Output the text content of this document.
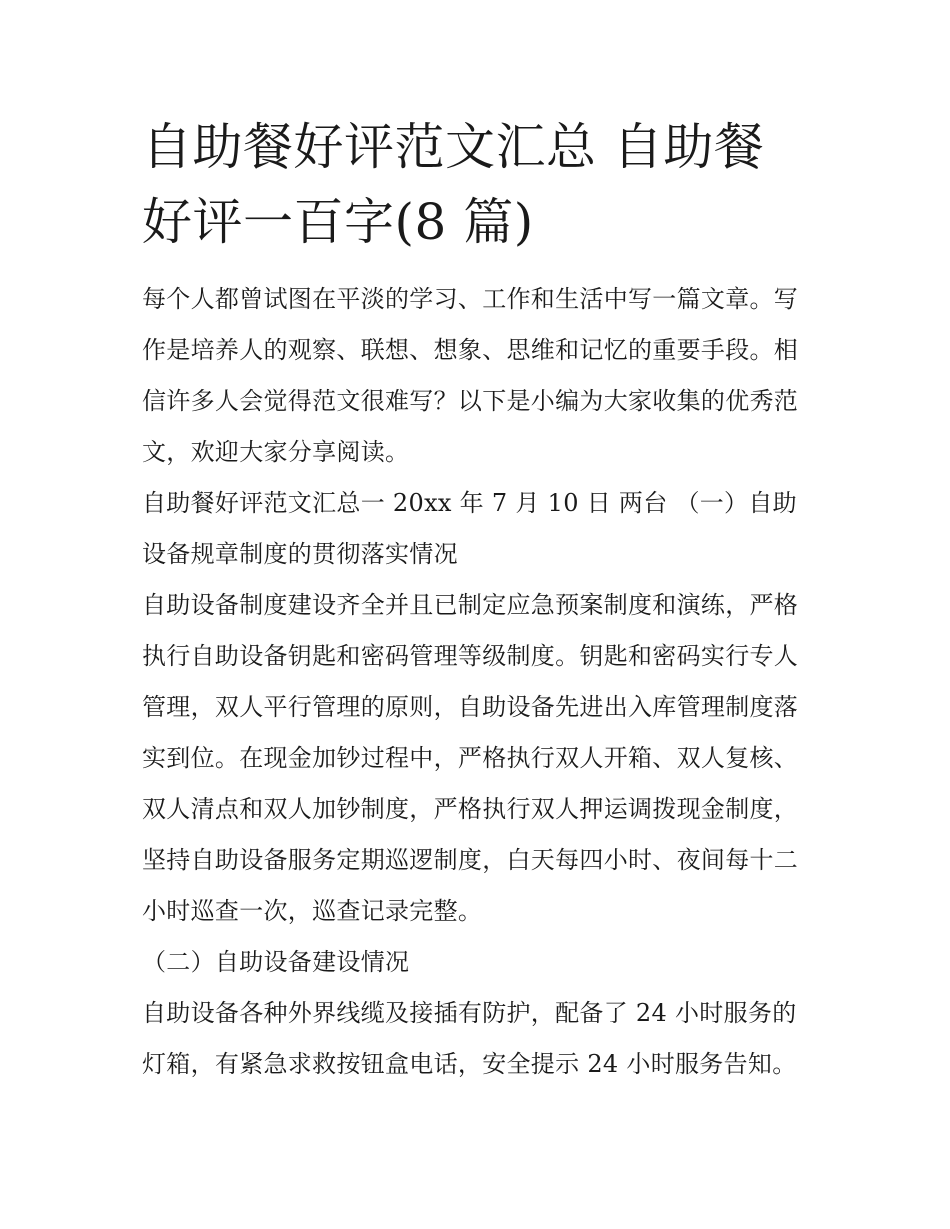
自助餐好评范文汇总 自助餐好评一百字(8 篇)

每个人都曾试图在平淡的学习、工作和生活中写一篇文章。写作是培养人的观察、联想、想象、思维和记忆的重要手段。相信许多人会觉得范文很难写？以下是小编为大家收集的优秀范文，欢迎大家分享阅读。

自助餐好评范文汇总一 20xx 年 7 月 10 日 两台 （一）自助设备规章制度的贯彻落实情况

自助设备制度建设齐全并且已制定应急预案制度和演练，严格执行自助设备钥匙和密码管理等级制度。钥匙和密码实行专人管理，双人平行管理的原则，自助设备先进出入库管理制度落实到位。在现金加钞过程中，严格执行双人开箱、双人复核、双人清点和双人加钞制度，严格执行双人押运调拨现金制度，坚持自助设备服务定期巡逻制度，白天每四小时、夜间每十二小时巡查一次，巡查记录完整。

（二）自助设备建设情况

自助设备各种外界线缆及接插有防护，配备了 24 小时服务的灯箱，有紧急求救按钮盒电话，安全提示 24 小时服务告知。
